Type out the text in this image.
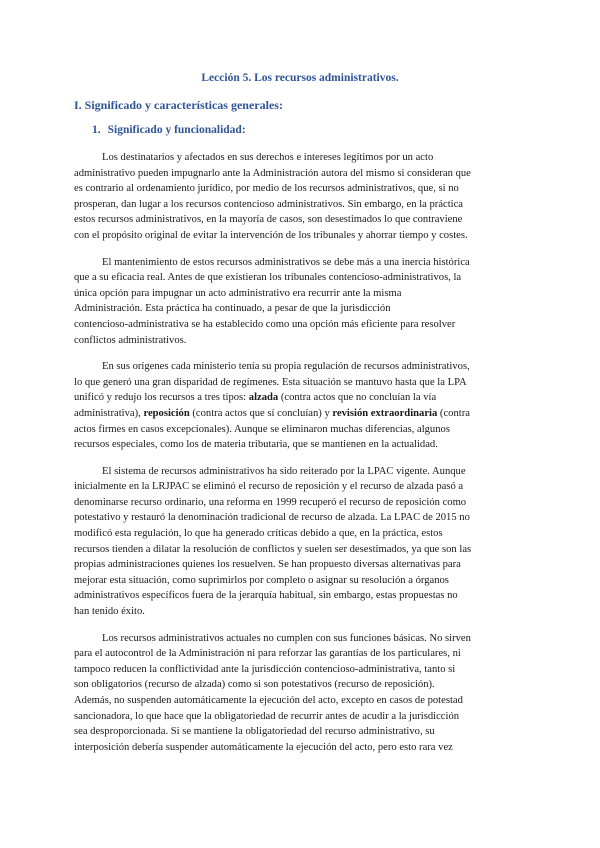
Lección 5. Los recursos administrativos.
I. Significado y características generales:
1. Significado y funcionalidad:

Los destinatarios y afectados en sus derechos e intereses legítimos por un acto
administrativo pueden impugnarlo ante la Administración autora del mismo si consideran que
es contrario al ordenamiento jurídico, por medio de los recursos administrativos, que, si no
prosperan, dan lugar a los recursos contencioso administrativos. Sin embargo, en la práctica
estos recursos administrativos, en la mayoría de casos, son desestimados lo que contraviene
con el propósito original de evitar la intervención de los tribunales y ahorrar tiempo y costes.

El mantenimiento de estos recursos administrativos se debe más a una inercia histórica
que a su eficacia real. Antes de que existieran los tribunales contencioso-administrativos, la
única opción para impugnar un acto administrativo era recurrir ante la misma
Administración. Esta práctica ha continuado, a pesar de que la jurisdicción
contencioso-administrativa se ha establecido como una opción más eficiente para resolver
conflictos administrativos.

En sus orígenes cada ministerio tenía su propia regulación de recursos administrativos,
lo que generó una gran disparidad de regímenes. Esta situación se mantuvo hasta que la LPA
unificó y redujo los recursos a tres tipos: alzada (contra actos que no concluían la vía
administrativa), reposición (contra actos que sí concluían) y revisión extraordinaria (contra
actos firmes en casos excepcionales). Aunque se eliminaron muchas diferencias, algunos
recursos especiales, como los de materia tributaria, que se mantienen en la actualidad.

El sistema de recursos administrativos ha sido reiterado por la LPAC vigente. Aunque
inicialmente en la LRJPAC se eliminó el recurso de reposición y el recurso de alzada pasó a
denominarse recurso ordinario, una reforma en 1999 recuperó el recurso de reposición como
potestativo y restauró la denominación tradicional de recurso de alzada. La LPAC de 2015 no
modificó esta regulación, lo que ha generado críticas debido a que, en la práctica, estos
recursos tienden a dilatar la resolución de conflictos y suelen ser desestimados, ya que son las
propias administraciones quienes los resuelven. Se han propuesto diversas alternativas para
mejorar esta situación, como suprimirlos por completo o asignar su resolución a órganos
administrativos específicos fuera de la jerarquía habitual, sin embargo, estas propuestas no
han tenido éxito.

Los recursos administrativos actuales no cumplen con sus funciones básicas. No sirven
para el autocontrol de la Administración ni para reforzar las garantías de los particulares, ni
tampoco reducen la conflictividad ante la jurisdicción contencioso-administrativa, tanto si
son obligatorios (recurso de alzada) como si son potestativos (recurso de reposición).
Además, no suspenden automáticamente la ejecución del acto, excepto en casos de potestad
sancionadora, lo que hace que la obligatoriedad de recurrir antes de acudir a la jurisdicción
sea desproporcionada. Si se mantiene la obligatoriedad del recurso administrativo, su
interposición debería suspender automáticamente la ejecución del acto, pero esto rara vez
